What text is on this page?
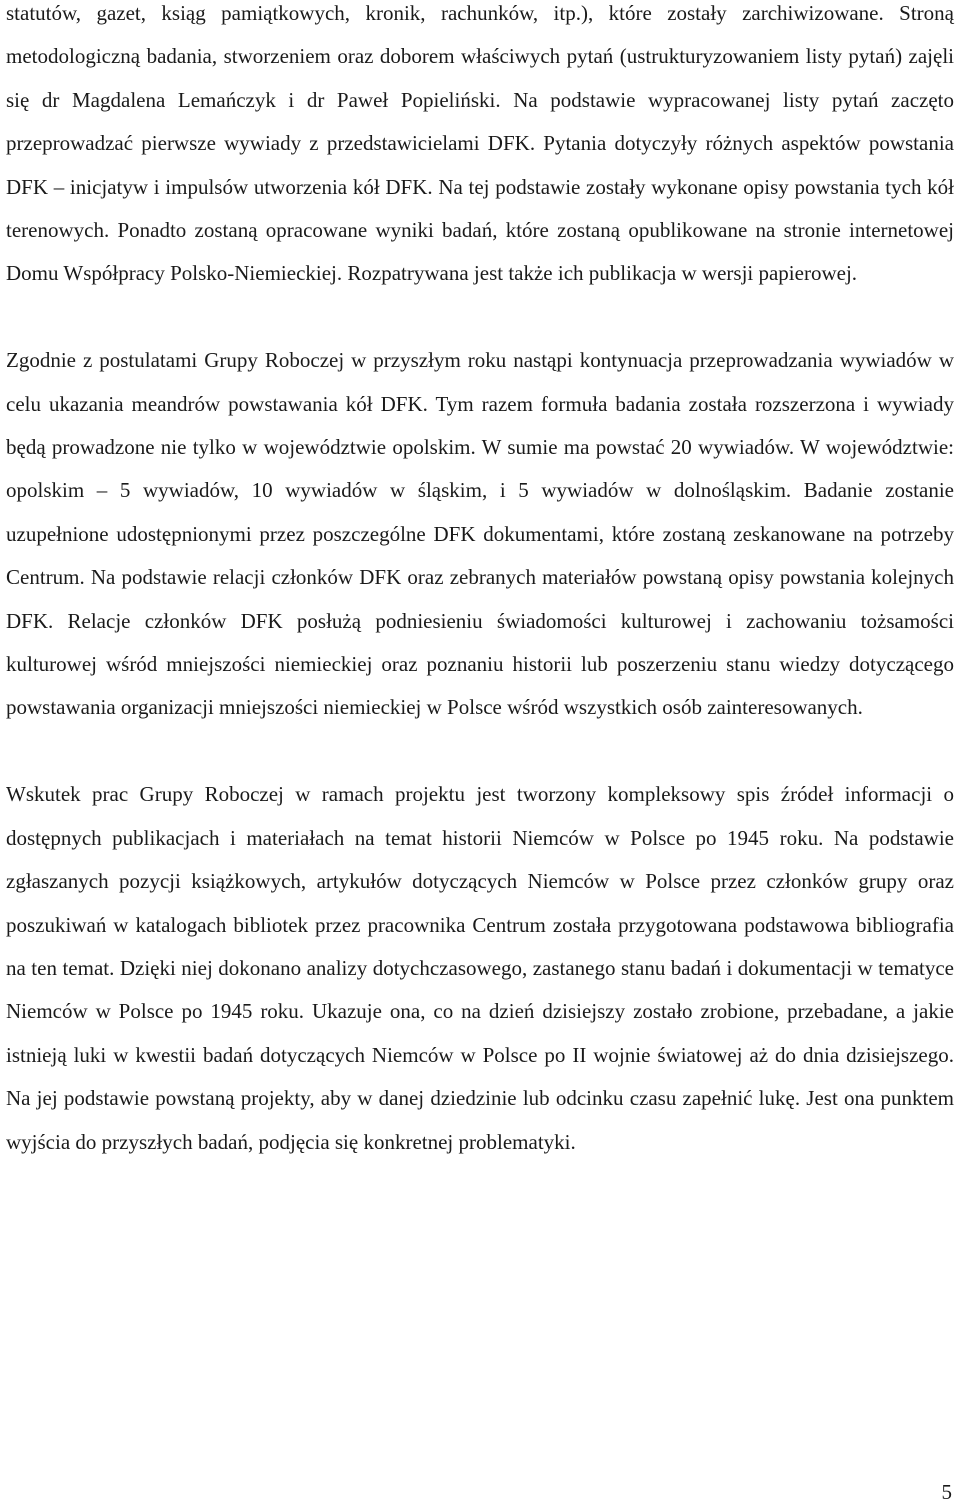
statutów, gazet, ksiąg pamiątkowych, kronik, rachunków, itp.), które zostały zarchiwizowane. Stroną metodologiczną badania, stworzeniem oraz doborem właściwych pytań (ustrukturyzowaniem listy pytań) zajęli się dr Magdalena Lemańczyk i dr Paweł Popieliński. Na podstawie wypracowanej listy pytań zaczęto przeprowadzać pierwsze wywiady z przedstawicielami DFK. Pytania dotyczyły różnych aspektów powstania DFK – inicjatyw i impulsów utworzenia kół DFK. Na tej podstawie zostały wykonane opisy powstania tych kół terenowych. Ponadto zostaną opracowane wyniki badań, które zostaną opublikowane na stronie internetowej Domu Współpracy Polsko-Niemieckiej. Rozpatrywana jest także ich publikacja w wersji papierowej.

Zgodnie z postulatami Grupy Roboczej w przyszłym roku nastąpi kontynuacja przeprowadzania wywiadów w celu ukazania meandrów powstawania kół DFK. Tym razem formuła badania została rozszerzona i wywiady będą prowadzone nie tylko w województwie opolskim. W sumie ma powstać 20 wywiadów. W województwie: opolskim – 5 wywiadów, 10 wywiadów w śląskim, i 5 wywiadów w dolnośląskim. Badanie zostanie uzupełnione udostępnionymi przez poszczególne DFK dokumentami, które zostaną zeskanowane na potrzeby Centrum. Na podstawie relacji członków DFK oraz zebranych materiałów powstaną opisy powstania kolejnych DFK. Relacje członków DFK posłużą podniesieniu świadomości kulturowej i zachowaniu tożsamości kulturowej wśród mniejszości niemieckiej oraz poznaniu historii lub poszerzeniu stanu wiedzy dotyczącego powstawania organizacji mniejszości niemieckiej w Polsce wśród wszystkich osób zainteresowanych.

Wskutek prac Grupy Roboczej w ramach projektu jest tworzony kompleksowy spis źródeł informacji o dostępnych publikacjach i materiałach na temat historii Niemców w Polsce po 1945 roku. Na podstawie zgłaszanych pozycji książkowych, artykułów dotyczących Niemców w Polsce przez członków grupy oraz poszukiwań w katalogach bibliotek przez pracownika Centrum została przygotowana podstawowa bibliografia na ten temat. Dzięki niej dokonano analizy dotychczasowego, zastanego stanu badań i dokumentacji w tematyce Niemców w Polsce po 1945 roku. Ukazuje ona, co na dzień dzisiejszy zostało zrobione, przebadane, a jakie istnieją luki w kwestii badań dotyczących Niemców w Polsce po II wojnie światowej aż do dnia dzisiejszego. Na jej podstawie powstaną projekty, aby w danej dziedzinie lub odcinku czasu zapełnić lukę. Jest ona punktem wyjścia do przyszłych badań, podjęcia się konkretnej problematyki.

5
